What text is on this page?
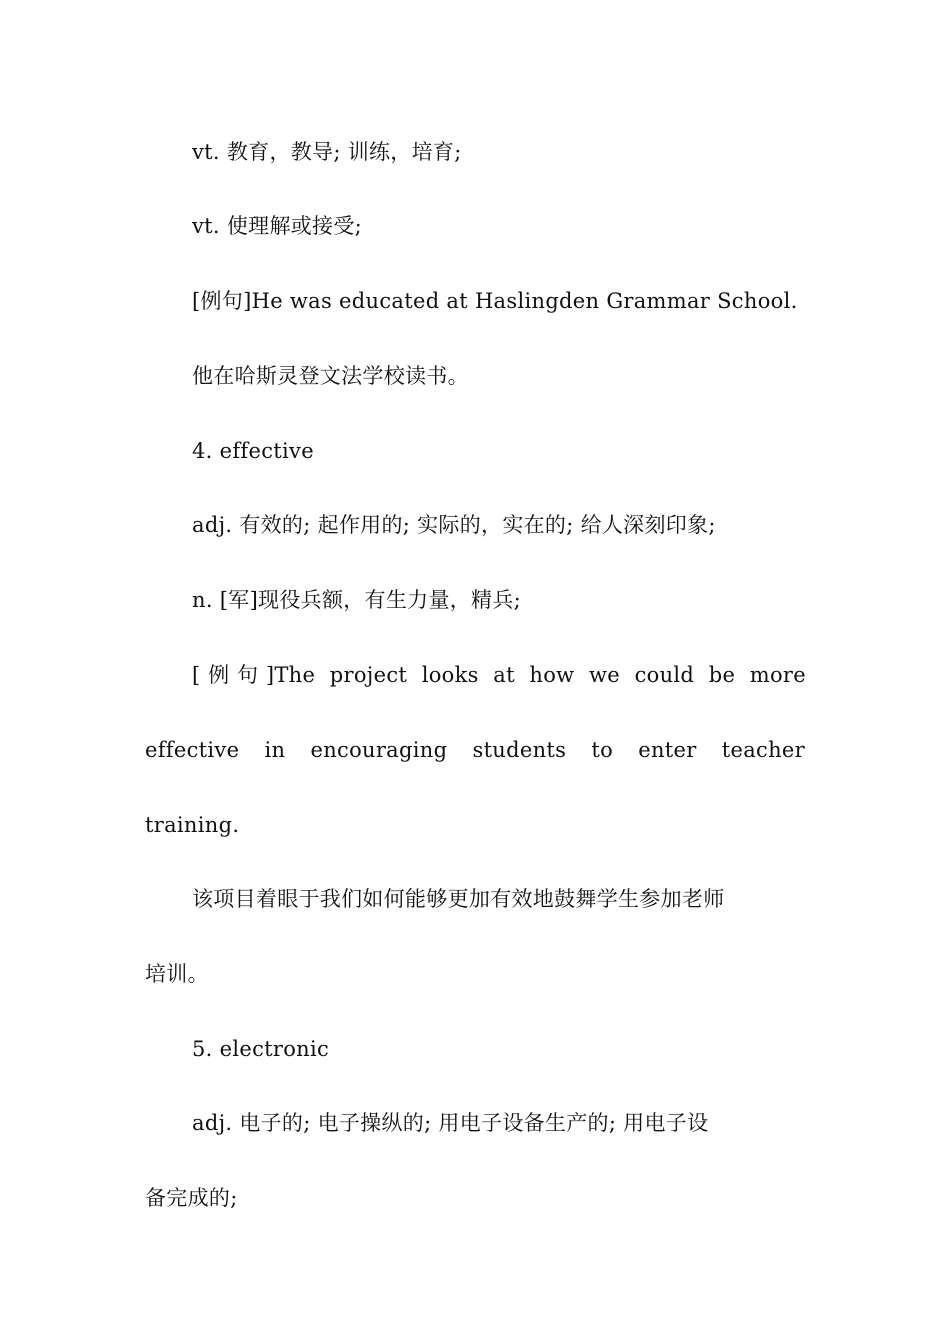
vt. 教育，教导; 训练，培育;
vt. 使理解或接受;
[例句]He was educated at Haslingden Grammar School.
他在哈斯灵登文法学校读书。
4. effective
adj. 有效的; 起作用的; 实际的，实在的; 给人深刻印象;
n. [军]现役兵额，有生力量，精兵;
[例句]The project looks at how we could be more
effective in encouraging students to enter teacher
training.
该项目着眼于我们如何能够更加有效地鼓舞学生参加老师
培训。
5. electronic
adj. 电子的; 电子操纵的; 用电子设备生产的; 用电子设
备完成的;
